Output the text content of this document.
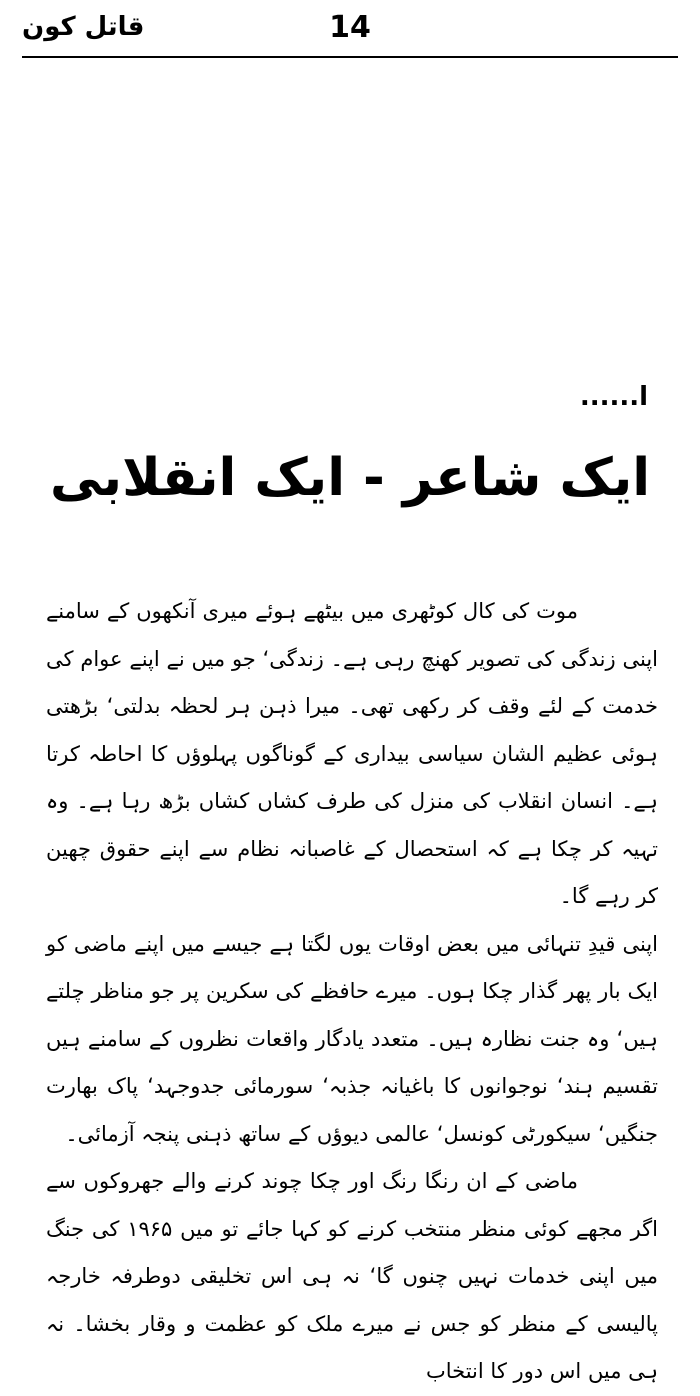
قاتل کون	14
ا......
ایک شاعر - ایک انقلابی

موت کی کال کوٹھری میں بیٹھے ہوئے میری آنکھوں کے سامنے اپنی زندگی کی تصویر کھنچ رہی ہے۔ زندگی‘ جو میں نے اپنے عوام کی خدمت کے لئے وقف کر رکھی تھی۔ میرا ذہن ہر لحظہ بدلتی‘ بڑھتی ہوئی عظیم الشان سیاسی بیداری کے گوناگوں پہلوؤں کا احاطہ کرتا ہے۔ انسان انقلاب کی منزل کی طرف کشاں کشاں بڑھ رہا ہے۔ وہ تہیہ کر چکا ہے کہ استحصال کے غاصبانہ نظام سے اپنے حقوق چھین کر رہے گا۔

اپنی قیدِ تنہائی میں بعض اوقات یوں لگتا ہے جیسے میں اپنے ماضی کو ایک بار پھر گذار چکا ہوں۔ میرے حافظے کی سکرین پر جو مناظر چلتے ہیں‘ وہ جنت نظارہ ہیں۔ متعدد یادگار واقعات نظروں کے سامنے ہیں تقسیم ہند‘ نوجوانوں کا باغیانہ جذبہ‘ سورمائی جدوجہد‘ پاک بھارت جنگیں‘ سیکورٹی کونسل‘ عالمی دیوؤں کے ساتھ ذہنی پنجہ آزمائی۔

ماضی کے ان رنگا رنگ اور چکا چوند کرنے والے جھروکوں سے اگر مجھے کوئی منظر منتخب کرنے کو کہا جائے تو میں ۱۹۶۵ کی جنگ میں اپنی خدمات نہیں چنوں گا‘ نہ ہی اس تخلیقی دوطرفہ خارجہ پالیسی کے منظر کو جس نے میرے ملک کو عظمت و وقار بخشا۔ نہ ہی میں اس دور کا انتخاب
